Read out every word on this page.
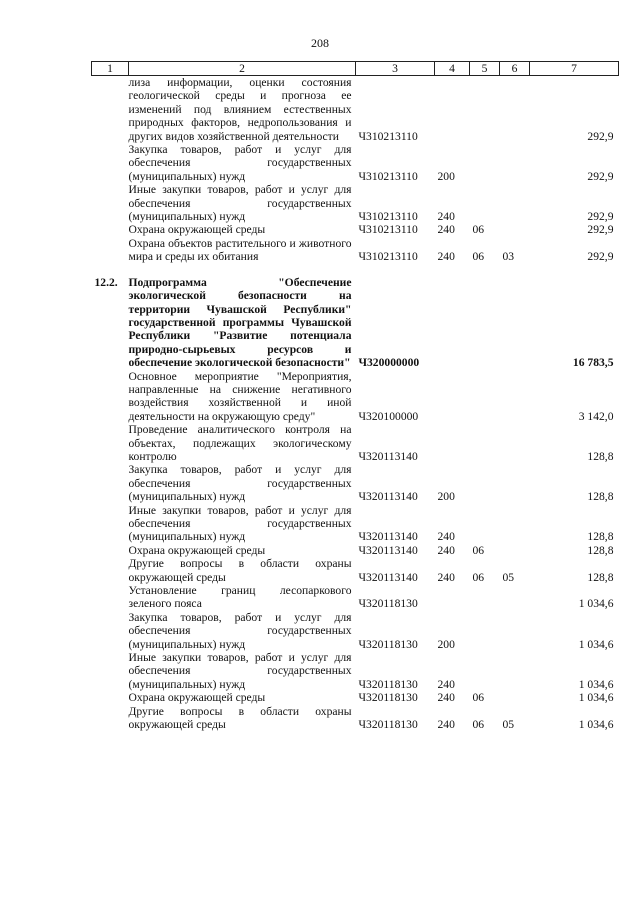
208
1	2	3	4	5	6	7
	лиза информации, оценки состояния геологической среды и прогноза ее изменений под влиянием естественных природных факторов, недропользования и других видов хозяйственной деятельности	Ч310213110				292,9
	Закупка товаров, работ и услуг для обеспечения государственных (муниципальных) нужд	Ч310213110	200			292,9
	Иные закупки товаров, работ и услуг для обеспечения государственных (муниципальных) нужд	Ч310213110	240			292,9
	Охрана окружающей среды	Ч310213110	240	06		292,9
	Охрана объектов растительного и животного мира и среды их обитания	Ч310213110	240	06	03	292,9

12.2.	Подпрограмма "Обеспечение экологической безопасности на территории Чувашской Республики" государственной программы Чувашской Республики "Развитие потенциала природно-сырьевых ресурсов и обеспечение экологической безопасности"	Ч320000000				16 783,5
	Основное мероприятие "Мероприятия, направленные на снижение негативного воздействия хозяйственной и иной деятельности на окружающую среду"	Ч320100000				3 142,0
	Проведение аналитического контроля на объектах, подлежащих экологическому контролю	Ч320113140				128,8
	Закупка товаров, работ и услуг для обеспечения государственных (муниципальных) нужд	Ч320113140	200			128,8
	Иные закупки товаров, работ и услуг для обеспечения государственных (муниципальных) нужд	Ч320113140	240			128,8
	Охрана окружающей среды	Ч320113140	240	06		128,8
	Другие вопросы в области охраны окружающей среды	Ч320113140	240	06	05	128,8
	Установление границ лесопаркового зеленого пояса	Ч320118130				1 034,6
	Закупка товаров, работ и услуг для обеспечения государственных (муниципальных) нужд	Ч320118130	200			1 034,6
	Иные закупки товаров, работ и услуг для обеспечения государственных (муниципальных) нужд	Ч320118130	240			1 034,6
	Охрана окружающей среды	Ч320118130	240	06		1 034,6
	Другие вопросы в области охраны окружающей среды	Ч320118130	240	06	05	1 034,6
